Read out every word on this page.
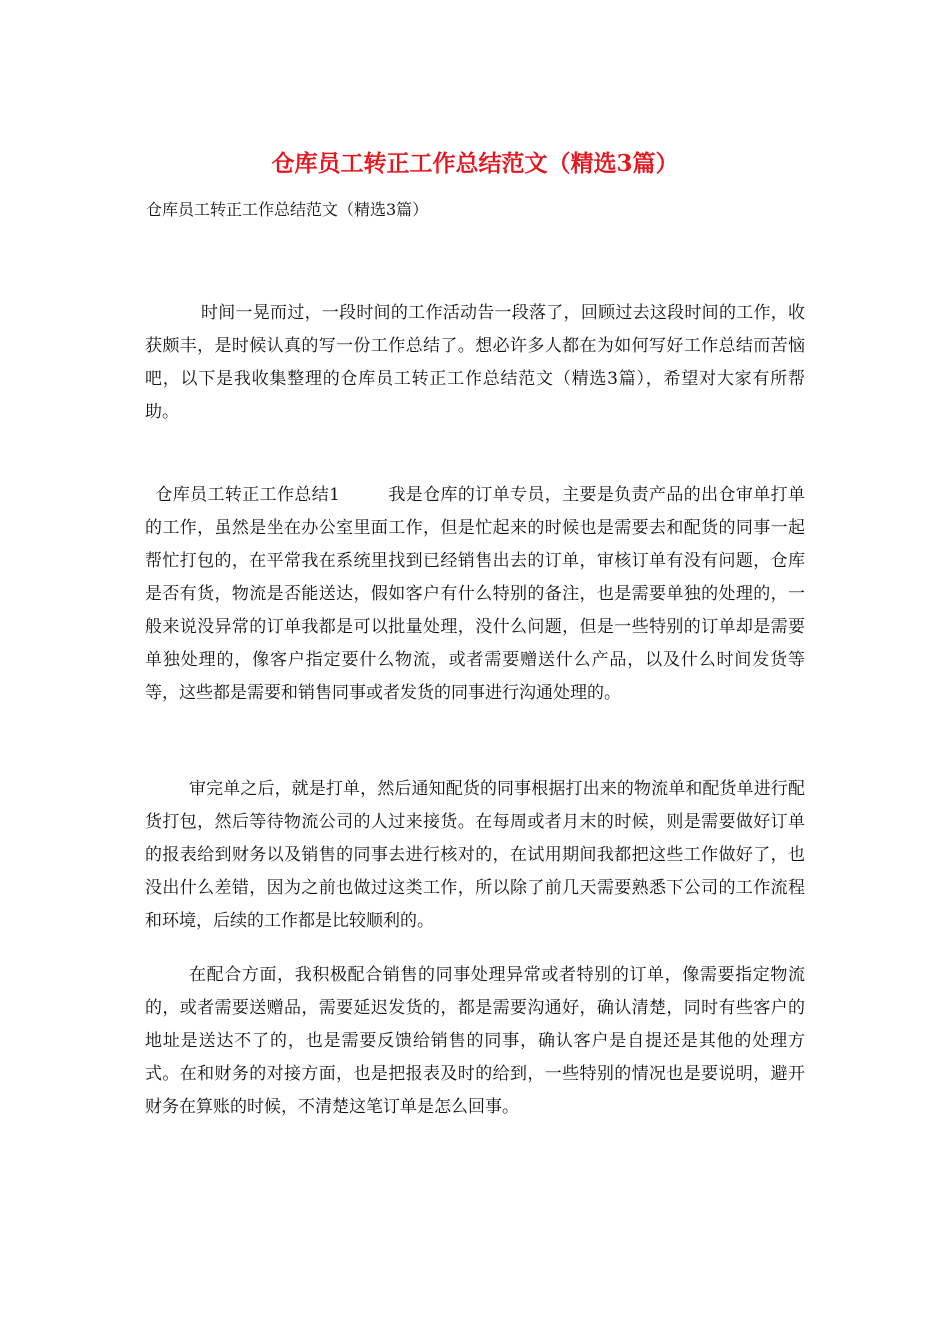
仓库员工转正工作总结范文（精选3篇）
仓库员工转正工作总结范文（精选3篇）
时间一晃而过，一段时间的工作活动告一段落了，回顾过去这段时间的工作，收获颇丰，是时候认真的写一份工作总结了。想必许多人都在为如何写好工作总结而苦恼吧，以下是我收集整理的仓库员工转正工作总结范文（精选3篇），希望对大家有所帮助。
仓库员工转正工作总结1	我是仓库的订单专员，主要是负责产品的出仓审单打单的工作，虽然是坐在办公室里面工作，但是忙起来的时候也是需要去和配货的同事一起帮忙打包的，在平常我在系统里找到已经销售出去的订单，审核订单有没有问题，仓库是否有货，物流是否能送达，假如客户有什么特别的备注，也是需要单独的处理的，一般来说没异常的订单我都是可以批量处理，没什么问题，但是一些特别的订单却是需要单独处理的，像客户指定要什么物流，或者需要赠送什么产品，以及什么时间发货等等，这些都是需要和销售同事或者发货的同事进行沟通处理的。
审完单之后，就是打单，然后通知配货的同事根据打出来的物流单和配货单进行配货打包，然后等待物流公司的人过来接货。在每周或者月末的时候，则是需要做好订单的报表给到财务以及销售的同事去进行核对的，在试用期间我都把这些工作做好了，也没出什么差错，因为之前也做过这类工作，所以除了前几天需要熟悉下公司的工作流程和环境，后续的工作都是比较顺利的。
在配合方面，我积极配合销售的同事处理异常或者特别的订单，像需要指定物流的，或者需要送赠品，需要延迟发货的，都是需要沟通好，确认清楚，同时有些客户的地址是送达不了的，也是需要反馈给销售的同事，确认客户是自提还是其他的处理方式。在和财务的对接方面，也是把报表及时的给到，一些特别的情况也是要说明，避开财务在算账的时候，不清楚这笔订单是怎么回事。
